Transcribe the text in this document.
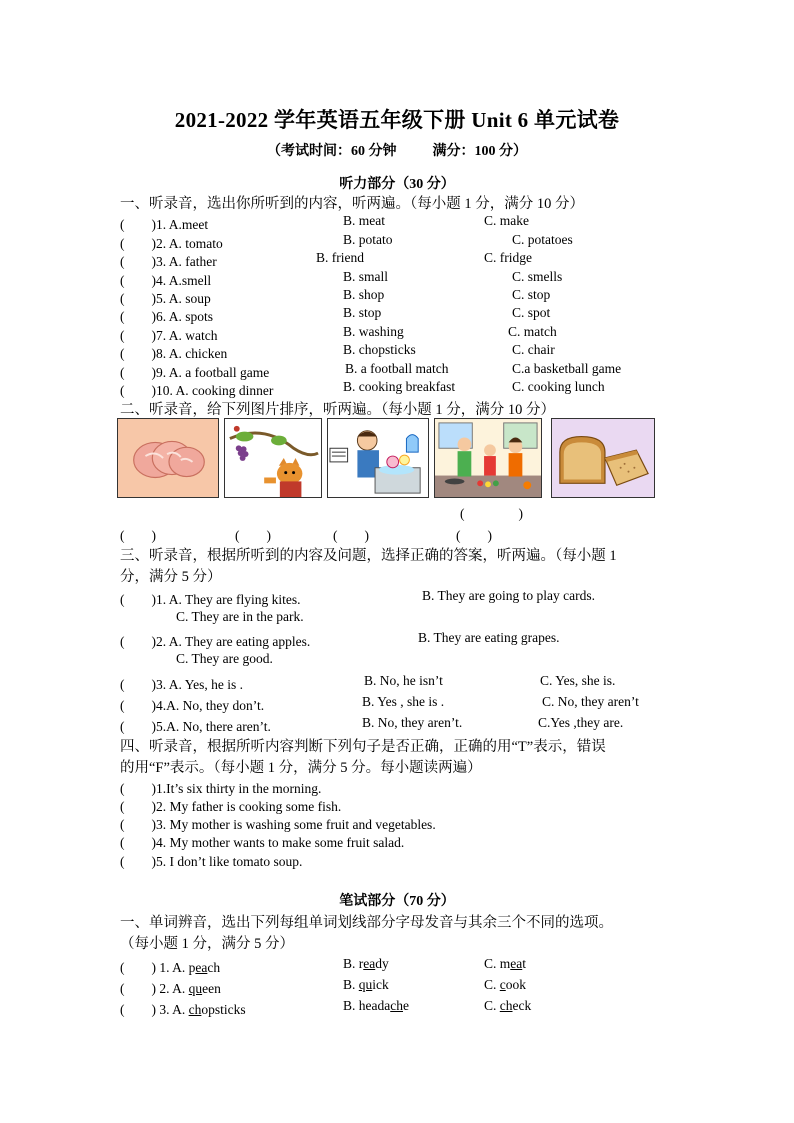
2021-2022 学年英语五年级下册 Unit 6 单元试卷
（考试时间：60 分钟	满分：100 分）
听力部分（30 分）
一、听录音，选出你所听到的内容，听两遍。（每小题 1 分，满分 10 分）
(　　)1. A.meet	B. meat	C. make
(　　)2. A. tomato	B. potato	C. potatoes
(　　)3. A. father	B. friend	C. fridge
(　　)4. A.smell	B. small	C. smells
(　　)5. A. soup	B. shop	C. stop
(　　)6. A. spots	B. stop	C. spot
(　　)7. A. watch	B. washing	C. match
(　　)8. A. chicken	B. chopsticks	C. chair
(　　)9. A. a football game	B. a football match	C.a basketball game
(　　)10. A. cooking dinner	B. cooking breakfast	C. cooking lunch
二、听录音，给下列图片排序，听两遍。（每小题 1 分，满分 10 分）
(　　　　)
(　　)	(　　)	(　　)	(　　)
三、听录音，根据所听到的内容及问题，选择正确的答案，听两遍。（每小题 1
分，满分 5 分）
(　　)1. A. They are flying kites.	B. They are going to play cards.
C. They are in the park.
(　　)2. A. They are eating apples.	B. They are eating grapes.
C. They are good.
(　　)3. A. Yes, he is .	B. No, he isn’t	C. Yes, she is.
(　　)4.A. No, they don’t.	B. Yes , she is .	C. No, they aren’t
(　　)5.A. No, there aren’t.	B. No, they aren’t.	C.Yes ,they are.
四、听录音，根据所听内容判断下列句子是否正确，正确的用“T”表示，错误
的用“F”表示。（每小题 1 分，满分 5 分。每小题读两遍）
(　　)1.It’s six thirty in the morning.
(　　)2. My father is cooking some fish.
(　　)3. My mother is washing some fruit and vegetables.
(　　)4. My mother wants to make some fruit salad.
(　　)5. I don’t like tomato soup.
笔试部分（70 分）
一、单词辨音，选出下列每组单词划线部分字母发音与其余三个不同的选项。
（每小题 1 分，满分 5 分）
(　　) 1. A. peach	B. ready	C. meat
(　　) 2. A. queen	B. quick	C. cook
(　　) 3. A. chopsticks	B. headache	C. check
